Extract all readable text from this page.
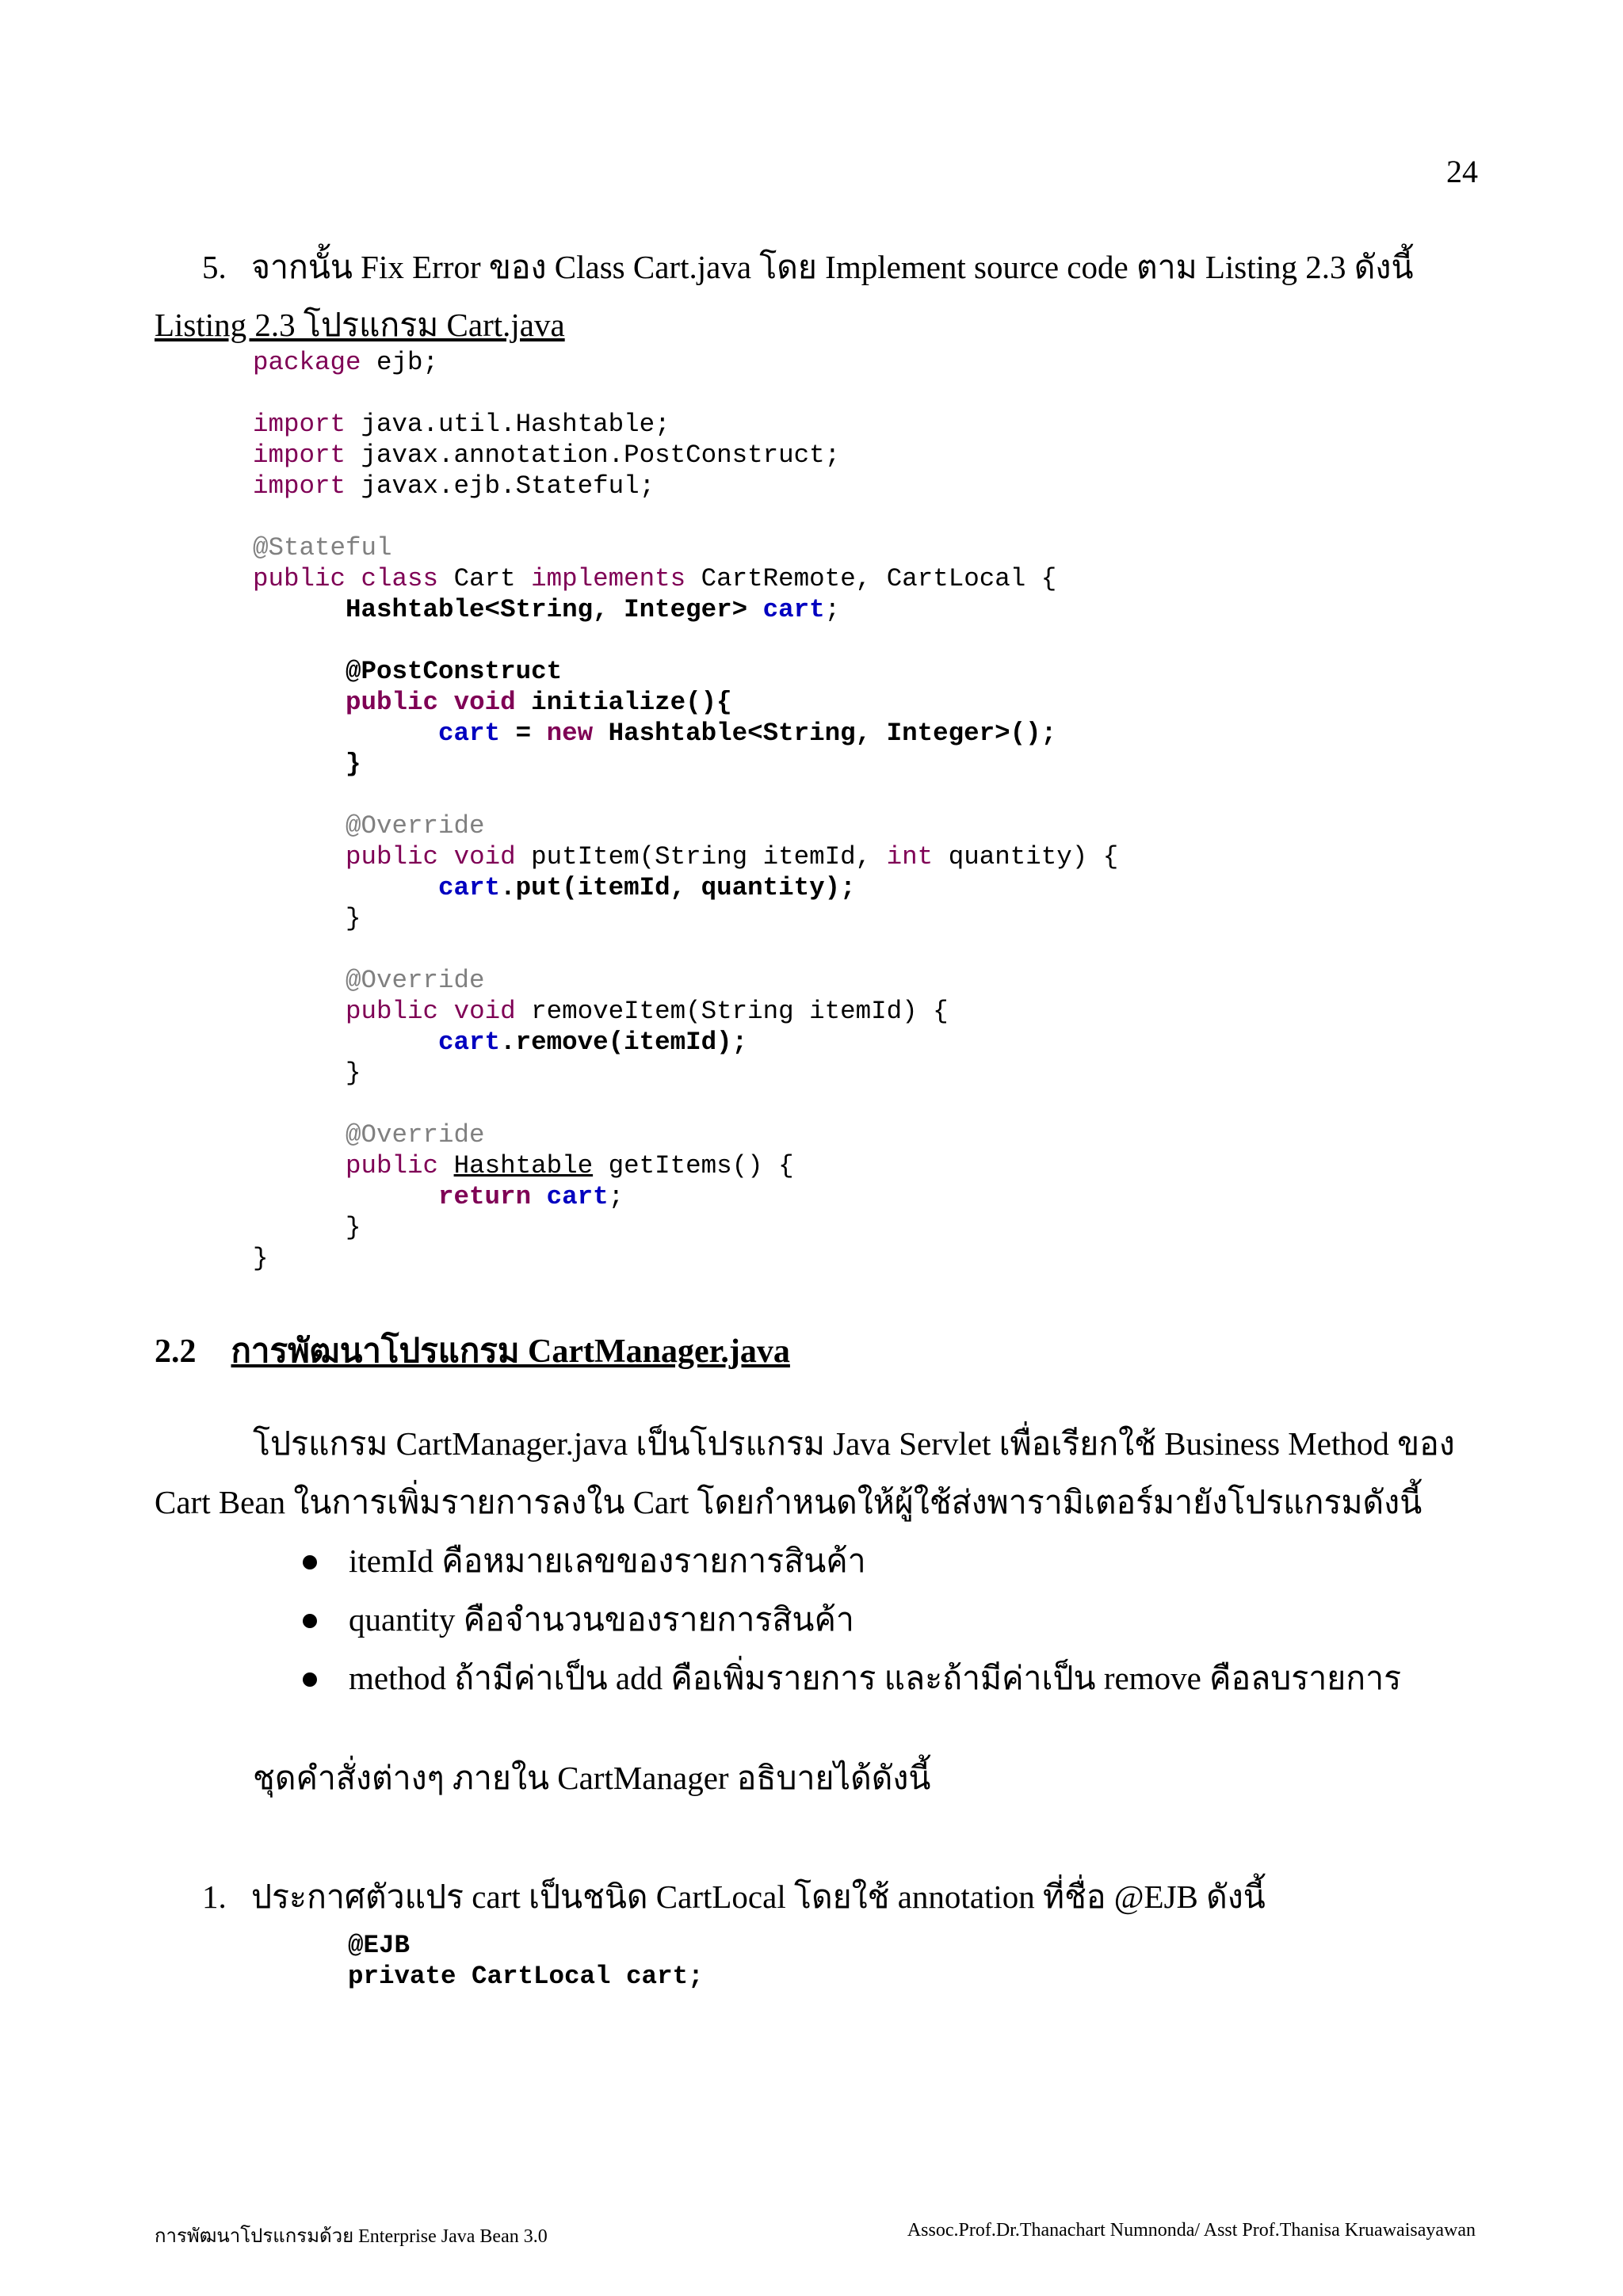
24
5. จากนั้น Fix Error ของ Class Cart.java โดย Implement source code ตาม Listing 2.3 ดังนี้
Listing 2.3 โปรแกรม Cart.java
package ejb;

import java.util.Hashtable;
import javax.annotation.PostConstruct;
import javax.ejb.Stateful;

@Stateful
public class Cart implements CartRemote, CartLocal {
Hashtable<String, Integer> cart;

@PostConstruct
public void initialize(){
cart = new Hashtable<String, Integer>();
}

@Override
public void putItem(String itemId, int quantity) {
cart.put(itemId, quantity);
}

@Override
public void removeItem(String itemId) {
cart.remove(itemId);
}

@Override
public Hashtable getItems() {
return cart;
}
}
2.2 การพัฒนาโปรแกรม CartManager.java

โปรแกรม CartManager.java เป็นโปรแกรม Java Servlet เพื่อเรียกใช้ Business Method ของ Cart Bean ในการเพิ่มรายการลงใน Cart โดยกำหนดให้ผู้ใช้ส่งพารามิเตอร์มายังโปรแกรมดังนี้

itemId คือหมายเลขของรายการสินค้า
quantity คือจำนวนของรายการสินค้า
method ถ้ามีค่าเป็น add คือเพิ่มรายการ และถ้ามีค่าเป็น remove คือลบรายการ
ชุดคำสั่งต่างๆ ภายใน CartManager อธิบายได้ดังนี้
1. ประกาศตัวแปร cart เป็นชนิด CartLocal โดยใช้ annotation ที่ชื่อ @EJB ดังนี้
@EJB
private CartLocal cart;
การพัฒนาโปรแกรมด้วย Enterprise Java Bean 3.0	Assoc.Prof.Dr.Thanachart Numnonda/ Asst Prof.Thanisa Kruawaisayawan
